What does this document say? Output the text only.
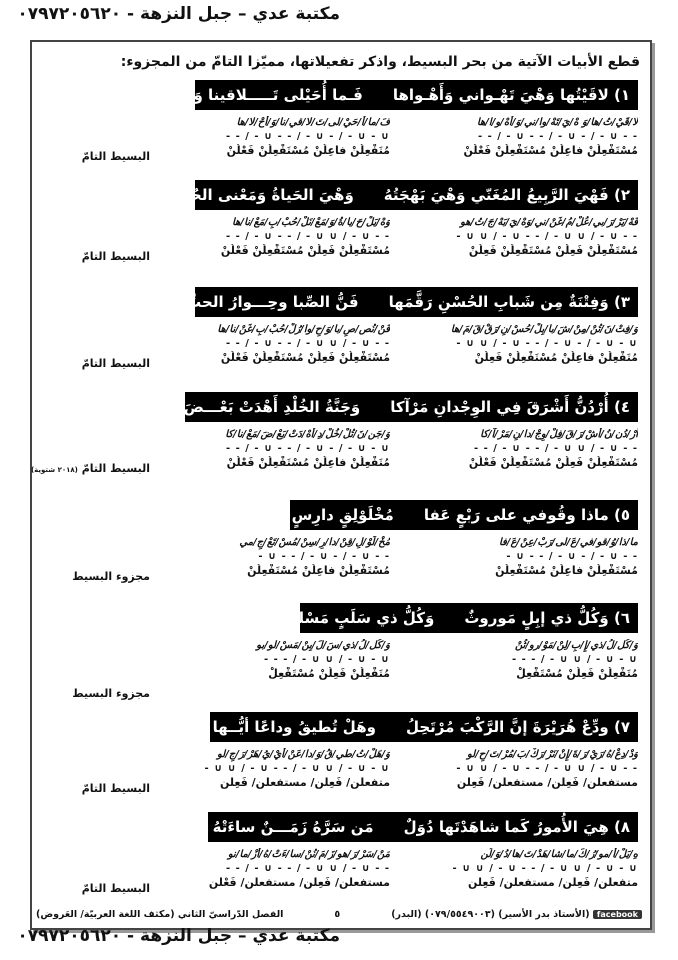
مكتبة عدي – جبل النزهة - ٠٧٩٧٢٠٥٦٢٠
قطع الأبيات الآتية من بحر البسيط، واذكر تفعيلاتها، مميّزا التامّ من المجزوء:
١) لاقَيْتُها وَهْيَ تَهْـواني وَأَهْـواها
فَـما أُحَيْلى تَـــــلاقينا وَأَحْلاها
لا/قَيْ/تُ/ها/وَ هْ/يَ/تَهْ/وا/ني/وَ/أَهْ/و/ا/ها
- - ∪ - / - ∪ - / - - ∪ - / - -
مُسْتَفْعِلُنْ فاعِلُنْ مُسْتَفْعِلُنْ فَعْلُنْ
فَ/ما/أُ/حَيْ/لى/تَ/لا/قي/نا/وَ/أَحْ/لا/ها
∪ - ∪ - / - ∪ - / - - ∪ - / - -
مُتَفْعِلُنْ فاعِلُنْ مُسْتَفْعِلُنْ فَعْلُنْ
البسيط التامّ
٢) فَهْيَ الرَّبِيعُ المُغَنّي وَهْيَ بَهْجَتُهُ
وَهْيَ الحَياةُ وَمَعْنى الحُبِّ مَعْناها
فَهْ/يَرْ/رَ/بي/عُلْ/مُ/غَنْ/ني/وَهْ/يَ/بَهْ/جَ/تُ/هو
- - ∪ - / ∪ ∪ - / - - ∪ - / ∪ ∪ -
مُسْتَفْعِلُنْ فَعِلُنْ مُسْتَفْعِلُنْ فَعِلُنْ
وَهْ/يَلْ/حَ/يا/ةُ/وَ/مَعْ/نَلْ/حُبْ/بِ/مَعْ/نا/ها
- - ∪ - / ∪ ∪ - / - - ∪ - / - -
مُسْتَفْعِلُنْ فَعِلُنْ مُسْتَفْعِلُنْ فَعْلُنْ
البسيط التامّ
٣) وَفِتْنَةٌ مِن شَبابِ الحُسْنِ رَقَّمَها
فَنُّ الصِّبا وحِـــوارُ الحبِّ غَنّاها
وَ/فِتْ/نَ/تُنْ/مِنْ/شَ/با/بِلْ/حُسْ/نِ/رَقْ/قَ/مَ/ها
∪ - ∪ - / - ∪ - / - - ∪ - / ∪ ∪ -
مُتَفْعِلُنْ فاعِلُنْ مُسْتَفْعِلُنْ فَعِلُنْ
فَنْ/نُص/صِ/با/وَ/حِ/وا/رُلْ/حُبْ/بِ/غَنْ/نا/ها
- - ∪ - / ∪ ∪ - / - - ∪ - / - -
مُسْتَفْعِلُنْ فَعِلُنْ مُسْتَفْعِلُنْ فَعْلُنْ
البسيط التامّ
٤) أُرْدُنُّ أَشْرَقَ فِي الوِجْدانِ مَرْآكا
وَجَنَّةُ الخُلْدِ أَهْدَتْ بَعْـــضَ مَعْناكا
أُرْ/دُن/نُ/أَشْ/رَ/قَ/فِلْ/وِجْ/دا/نِ/مَرْ/آ/كا
- - ∪ - / ∪ ∪ - / - - ∪ - / - -
مُسْتَفْعِلُنْ فَعِلُنْ مُسْتَفْعِلُنْ فَعْلُنْ
وَ/جَن/نَ/تُلْ/خُلْ/دِ/أَهْ/دَتْ/بَعْ/ضَ/مَعْ/نا/كا
∪ - ∪ - / - ∪ - / - - ∪ - / - -
مُتَفْعِلُنْ فاعِلُنْ مُسْتَفْعِلُنْ فَعْلُنْ
البسيط التامّ (٢٠١٨ شتوية)
٥) ماذا وقُوفي على رَبْعٍ عَفا
مُخْلَوْلِقٍ دارِسٍ مُسْتَعجِمِ
ما/ذا/وُ/قو/في/عَ/لى/رَبْ/عِنْ/عَ/فا
- - ∪ - / - ∪ - / - - ∪ -
مُسْتَفْعِلُنْ فاعِلُنْ مُسْتَفْعِلُنْ
مُخْ/لَوْ/لِ/قِنْ/دا/رِ/سِنْ/مُسْ/تَعْ/جِ/مي
- - ∪ - / - ∪ - / - - ∪ -
مُسْتَفْعِلُنْ فاعِلُنْ مُسْتَفْعِلُنْ
مجزوء البسيط
٦) وَكُلُّ ذي إبِلٍ مَوروثٌ
وَكُلُّ ذي سَلَبٍ مَسْلوبُ
وَ/كُل/لُ/ذي/إِ/بِ/لِنْ/مَوْ/رو/ثُنْ
∪ - ∪ - / ∪ ∪ - / - - -
مُتَفْعِلُنْ فَعِلُنْ مُسْتَفْعِلْ
وَ/كُل/لُ/ذي/سَ/لَ/بِنْ/مَسْ/لو/بو
∪ - ∪ - / ∪ ∪ - / - - -
مُتَفْعِلُنْ فَعِلُنْ مُسْتَفْعِلْ
مجزوء البسيط
٧) ودِّعْ هُرَيْرَةَ إنَّ الرَّكْبَ مُرْتَحِلُ
وهَلْ تُطيقُ وداعًا أيُّــها الرَّجلُ
وَدْ/دِعْ/هُ/رَيْ/رَ/ةَ/إِنْ/نَرْ/رَكْ/بَ/مُرْ/تَ/حِ/لو
- - ∪ - / ∪ ∪ - / - - ∪ - / ∪ ∪ -
مستفعلن/ فَعِلن/ مستفعلن/ فَعِلن
وَ/هَلْ/تُ/طي/قُ/وَ/دا/عَنْ/أَيْ/يُ/هَرْ/رَ/جِ/لو
∪ - ∪ - / ∪ ∪ - / - - ∪ - / ∪ ∪ -
متفعلن/ فَعِلن/ مستفعلن/ فَعِلن
البسيط التامّ
٨) هِيَ الأُمورُ كَما شاهَدْتَها دُوَلٌ
مَن سَرَّهُ زَمَـــنٌ ساءَتْهُ أَزْمانُ
هِ/يَلْ/أُ/مو/رُ/كَ/ما/شا/هَدْ/تَ/ها/دُ/وَ/لُن
∪ - ∪ - / ∪ ∪ - / - - ∪ - / ∪ ∪ -
متفعلن/ فَعِلن/ مستفعلن/ فَعِلن
مَنْ/سَرْ/رَ/هو/زَ/مَ/نُنْ/سا/ءَتْ/هُ/أَزْ/ما/نو
- - ∪ - / ∪ ∪ - / - - ∪ - / - -
مستفعلن/ فَعِلن/ مستفعلن/ فَعْلن
البسيط التامّ
facebook (الأستاذ بدر الأسير) (٠٧٩/٥٥٤٩٠٠٣) (البدر)
٥
الفصل الدّراسيّ الثاني (مكثف اللغة العربيّة/ العَروض)
مكتبة عدي – جبل النزهة - ٠٧٩٧٢٠٥٦٢٠
